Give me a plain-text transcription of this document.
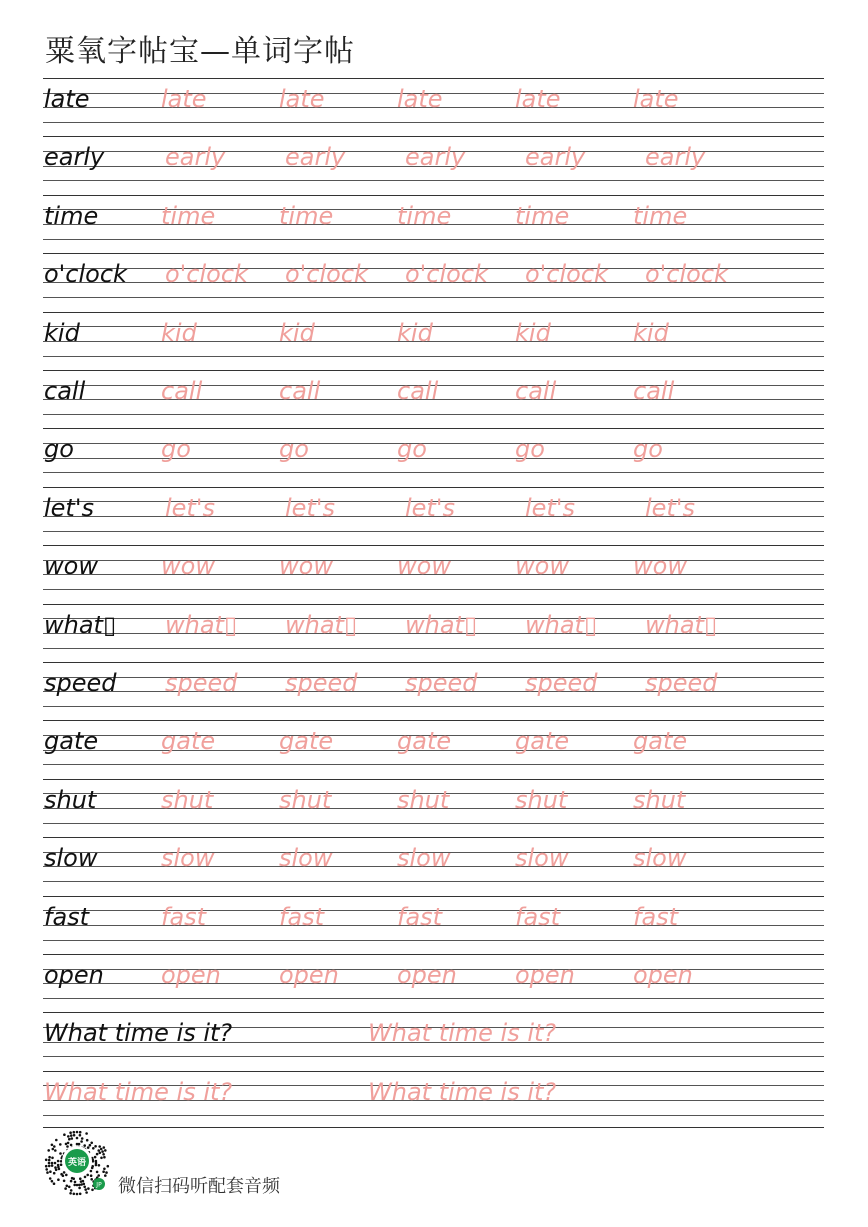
粟氧字帖宝—单词字帖
late	late	late	late	late	late
early	early early early early early
time	time	time	time	time	time
o'clock o'clock o'clock o'clock o'clock o'clock
kid	kid	kid	kid	kid	kid
call	call	call	call	call	call
go	go	go	go	go	go
let's	let's	let's	let's	let's	let's
wow	wow	wow	wow	wow	wow
what▯ what▯ what▯ what▯ what▯ what▯
speed speed speed speed speed speed
gate	gate	gate	gate	gate	gate
shut	shut	shut	shut	shut	shut
slow	slow	slow	slow	slow	slow
fast	fast	fast	fast	fast	fast
open open open open open open
What time is it?	What time is it?
What time is it?	What time is it?
英语
JP 微信扫码听配套音频
